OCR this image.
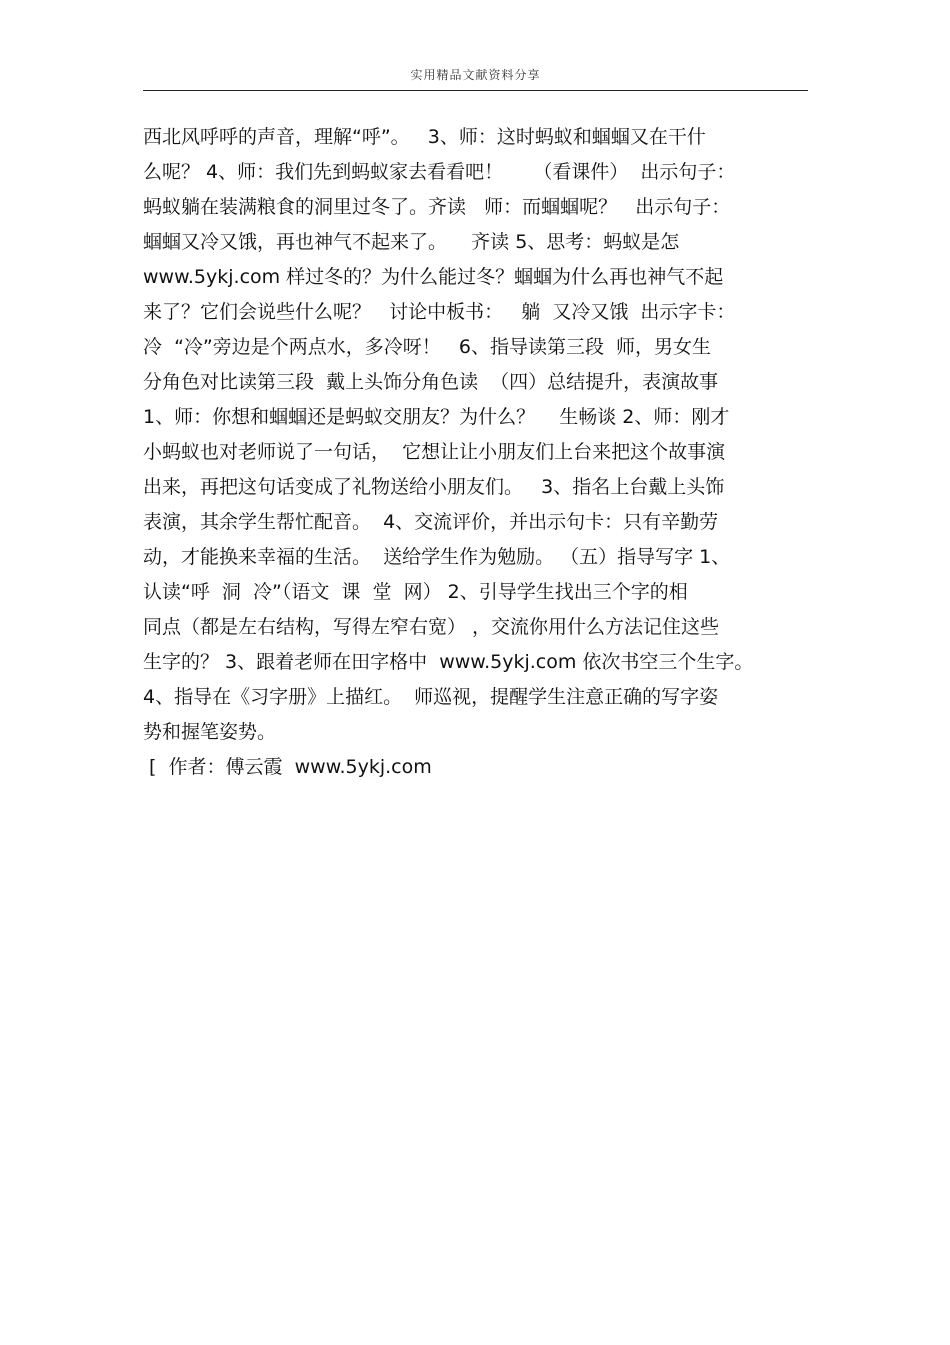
实用精品文献资料分享
西北风呼呼的声音，理解“呼”。   3、师：这时蚂蚁和蝈蝈又在干什
么呢？ 4、师：我们先到蚂蚁家去看看吧！     （看课件）  出示句子：
蚂蚁躺在装满粮食的洞里过冬了。齐读   师：而蝈蝈呢？   出示句子：
蝈蝈又冷又饿，再也神气不起来了。    齐读 5、思考：蚂蚁是怎
www.5ykj.com 样过冬的？为什么能过冬？蝈蝈为什么再也神气不起
来了？它们会说些什么呢？   讨论中板书：   躺  又冷又饿  出示字卡：
冷  “冷”旁边是个两点水，多冷呀！   6、指导读第三段  师，男女生
分角色对比读第三段  戴上头饰分角色读  （四）总结提升，表演故事
1、师：你想和蝈蝈还是蚂蚁交朋友？为什么？    生畅谈 2、师：刚才
小蚂蚁也对老师说了一句话，  它想让让小朋友们上台来把这个故事演
出来，再把这句话变成了礼物送给小朋友们。   3、指名上台戴上头饰
表演，其余学生帮忙配音。  4、交流评价，并出示句卡：只有辛勤劳
动，才能换来幸福的生活。  送给学生作为勉励。 （五）指导写字 1、
认读“呼  洞  冷”（语文  课  堂  网） 2、引导学生找出三个字的相
同点（都是左右结构，写得左窄右宽） ，交流你用什么方法记住这些
生字的？ 3、跟着老师在田字格中  www.5ykj.com 依次书空三个生字。
4、指导在《习字册》上描红。  师巡视，提醒学生注意正确的写字姿
势和握笔姿势。
[  作者：傅云霞  www.5ykj.com
